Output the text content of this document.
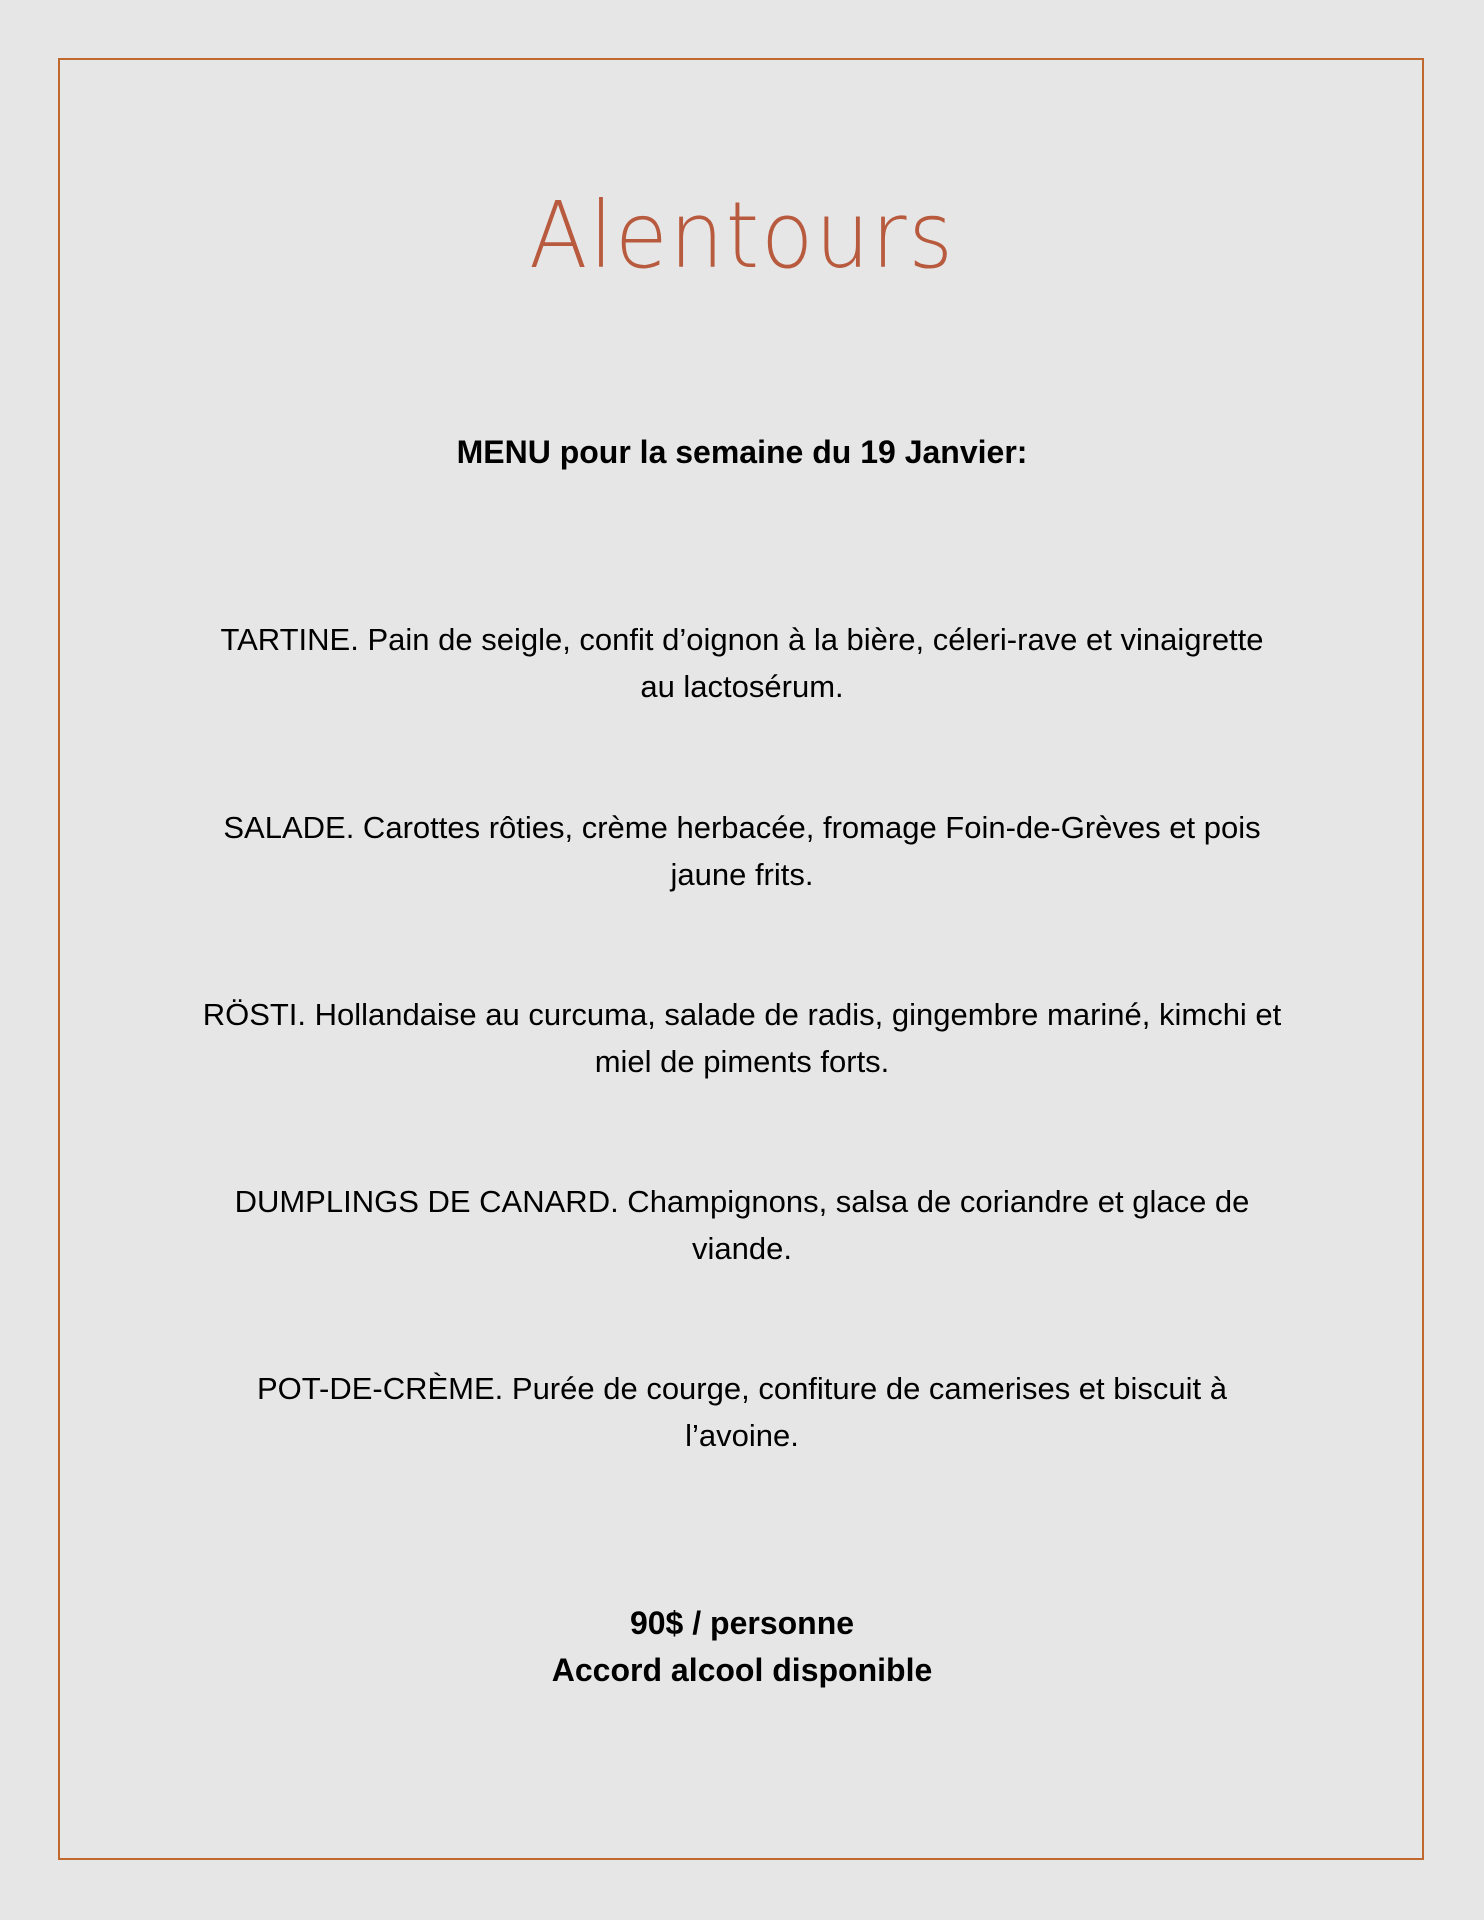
Alentours
MENU pour la semaine du 19 Janvier:
TARTINE. Pain de seigle, confit d’oignon à la bière, céleri-rave et vinaigrette au lactosérum.
SALADE. Carottes rôties, crème herbacée, fromage Foin-de-Grèves et pois jaune frits.
RÖSTI. Hollandaise au curcuma, salade de radis, gingembre mariné, kimchi et miel de piments forts.
DUMPLINGS DE CANARD. Champignons, salsa de coriandre et glace de viande.
POT-DE-CRÈME. Purée de courge, confiture de camerises et biscuit à l’avoine.
90$ / personne
Accord alcool disponible
